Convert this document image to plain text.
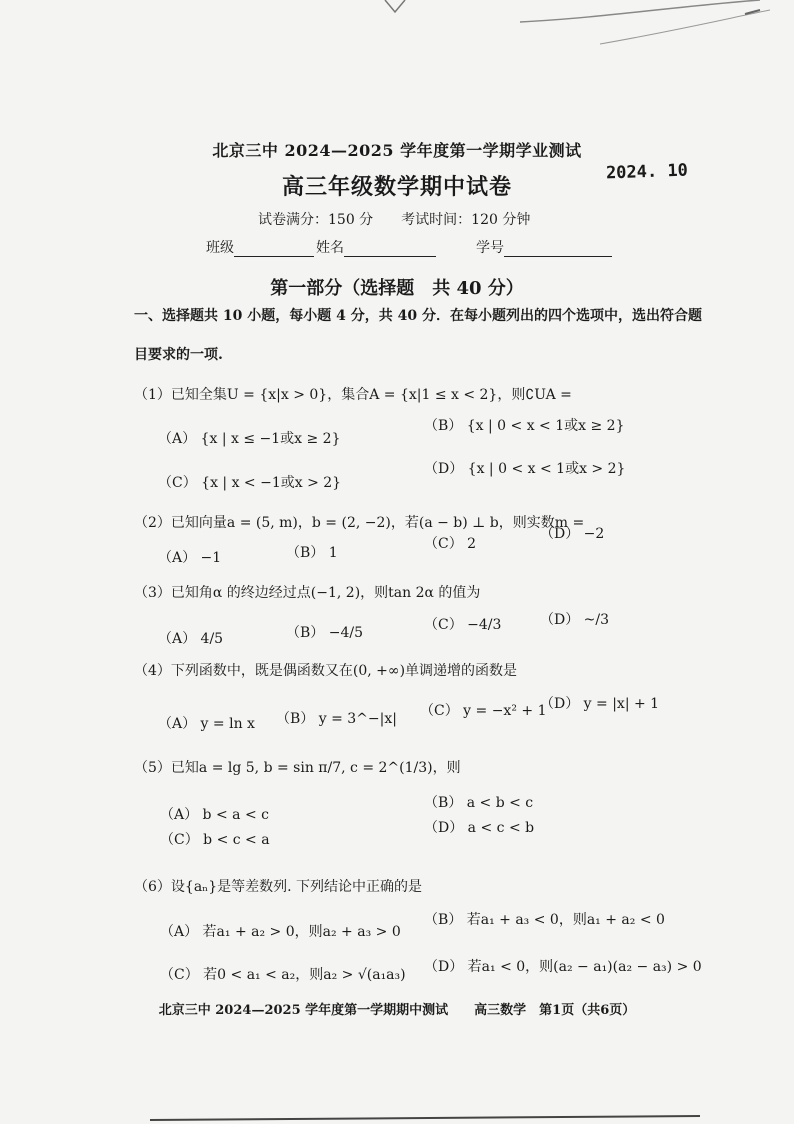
北京三中 2024—2025 学年度第一学期学业测试
高三年级数学期中试卷
2024. 10
试卷满分：150 分　　考试时间：120 分钟
班级	姓名	学号
第一部分（选择题　共 40 分）
一、选择题共 10 小题，每小题 4 分，共 40 分．在每小题列出的四个选项中，选出符合题
目要求的一项.
（1）已知全集U = {x|x > 0}，集合A = {x|1 ≤ x < 2}，则∁UA =
（A） {x | x ≤ −1或x ≥ 2}
（B） {x | 0 < x < 1或x ≥ 2}
（C） {x | x < −1或x > 2}
（D） {x | 0 < x < 1或x > 2}
（2）已知向量a = (5, m)，b = (2, −2)，若(a − b) ⊥ b，则实数m =
（A） −1	（B） 1
（C） 2
（D） −2
（3）已知角α 的终边经过点(−1, 2)，则tan 2α 的值为
（A） 4/5	（B） −4/5	（C） −4/3	（D） ~/3
（4）下列函数中，既是偶函数又在(0, +∞)单调递增的函数是
（A） y = ln x （B） y = 3^−|x| （C） y = −x² + 1
（D） y = |x| + 1
（5）已知a = lg 5, b = sin π/7, c = 2^(1/3)，则
（A） b < a < c
（B） a < b < c
（C） b < c < a
（D） a < c < b
（6）设{aₙ}是等差数列. 下列结论中正确的是
（A） 若a₁ + a₂ > 0，则a₂ + a₃ > 0
（B） 若a₁ + a₃ < 0，则a₁ + a₂ < 0
（C） 若0 < a₁ < a₂，则a₂ > √(a₁a₃) （D） 若a₁ < 0，则(a₂ − a₁)(a₂ − a₃) > 0
北京三中 2024—2025 学年度第一学期期中测试　　高三数学　第1页（共6页）
